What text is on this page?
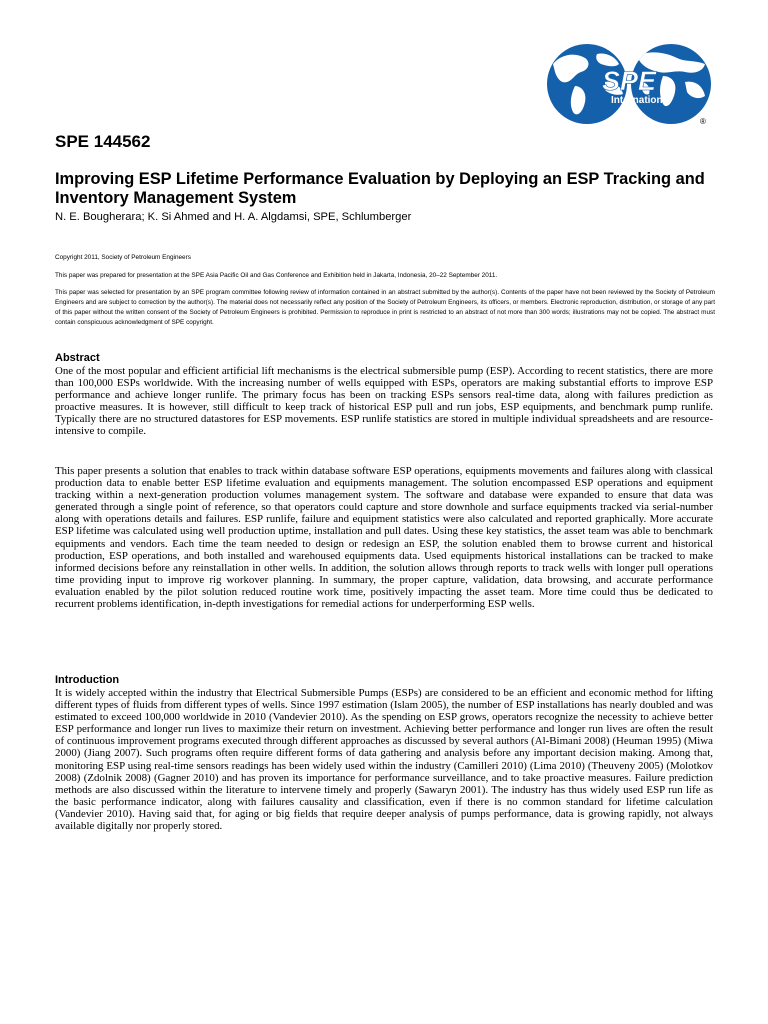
SPE
International
®
SPE 144562
Improving ESP Lifetime Performance Evaluation by Deploying an ESP Tracking and Inventory Management System

N. E. Bougherara; K. Si Ahmed and H. A. Algdamsi, SPE, Schlumberger

Copyright 2011, Society of Petroleum Engineers

This paper was prepared for presentation at the SPE Asia Pacific Oil and Gas Conference and Exhibition held in Jakarta, Indonesia, 20–22 September 2011.

This paper was selected for presentation by an SPE program committee following review of information contained in an abstract submitted by the author(s). Contents of the paper have not been reviewed by the Society of Petroleum Engineers and are subject to correction by the author(s). The material does not necessarily reflect any position of the Society of Petroleum Engineers, its officers, or members. Electronic reproduction, distribution, or storage of any part of this paper without the written consent of the Society of Petroleum Engineers is prohibited. Permission to reproduce in print is restricted to an abstract of not more than 300 words; illustrations may not be copied. The abstract must contain conspicuous acknowledgment of SPE copyright.

Abstract

One of the most popular and efficient artificial lift mechanisms is the electrical submersible pump (ESP). According to recent statistics, there are more than 100,000 ESPs worldwide. With the increasing number of wells equipped with ESPs, operators are making substantial efforts to improve ESP performance and achieve longer runlife. The primary focus has been on tracking ESPs sensors real-time data, along with failures prediction as proactive measures. It is however, still difficult to keep track of historical ESP pull and run jobs, ESP equipments, and benchmark pump runlife. Typically there are no structured datastores for ESP movements. ESP runlife statistics are stored in multiple individual spreadsheets and are resource-intensive to compile.

This paper presents a solution that enables to track within database software ESP operations, equipments movements and failures along with classical production data to enable better ESP lifetime evaluation and equipments management. The solution encompassed ESP operations and equipment tracking within a next-generation production volumes management system. The software and database were expanded to ensure that data was generated through a single point of reference, so that operators could capture and store downhole and surface equipments tracked via serial-number along with operations details and failures. ESP runlife, failure and equipment statistics were also calculated and reported graphically. More accurate ESP lifetime was calculated using well production uptime, installation and pull dates. Using these key statistics, the asset team was able to benchmark equipments and vendors. Each time the team needed to design or redesign an ESP, the solution enabled them to browse current and historical production, ESP operations, and both installed and warehoused equipments data. Used equipments historical installations can be tracked to make informed decisions before any reinstallation in other wells. In addition, the solution allows through reports to track wells with longer pull operations time providing input to improve rig workover planning. In summary, the proper capture, validation, data browsing, and accurate performance evaluation enabled by the pilot solution reduced routine work time, positively impacting the asset team. More time could thus be dedicated to recurrent problems identification, in-depth investigations for remedial actions for underperforming ESP wells.

Introduction

It is widely accepted within the industry that Electrical Submersible Pumps (ESPs) are considered to be an efficient and economic method for lifting different types of fluids from different types of wells. Since 1997 estimation (Islam 2005), the number of ESP installations has nearly doubled and was estimated to exceed 100,000 worldwide in 2010 (Vandevier 2010). As the spending on ESP grows, operators recognize the necessity to achieve better ESP performance and longer run lives to maximize their return on investment. Achieving better performance and longer run lives are often the result of continuous improvement programs executed through different approaches as discussed by several authors (Al-Bimani 2008) (Heuman 1995) (Miwa 2000) (Jiang 2007). Such programs often require different forms of data gathering and analysis before any important decision making. Among that, monitoring ESP using real-time sensors readings has been widely used within the industry (Camilleri 2010) (Lima 2010) (Theuveny 2005) (Molotkov 2008) (Zdolnik 2008) (Gagner 2010) and has proven its importance for performance surveillance, and to take proactive measures. Failure prediction methods are also discussed within the literature to intervene timely and properly (Sawaryn 2001). The industry has thus widely used ESP run life as the basic performance indicator, along with failures causality and classification, even if there is no common standard for lifetime calculation (Vandevier 2010). Having said that, for aging or big fields that require deeper analysis of pumps performance, data is growing rapidly, not always available digitally nor properly stored.
